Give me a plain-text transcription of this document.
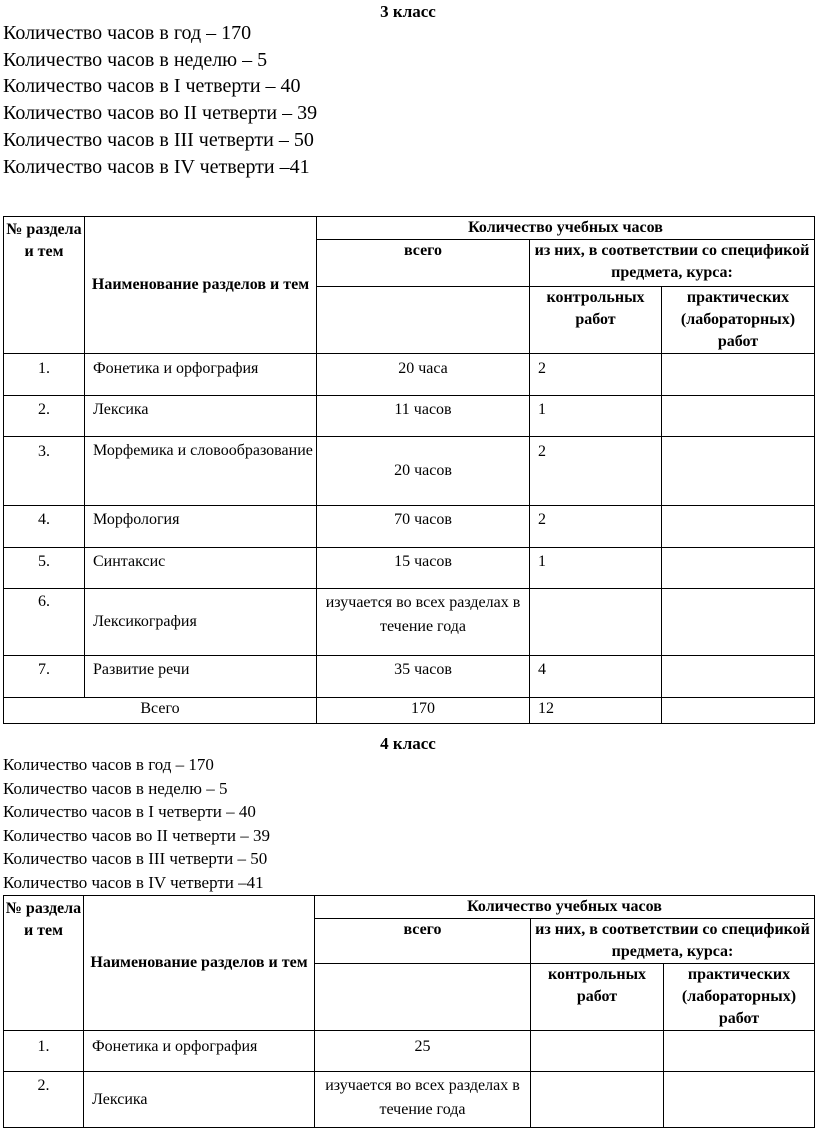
3 класс
Количество часов в год – 170
Количество часов в неделю – 5
Количество часов в I четверти – 40
Количество часов во II четверти – 39
Количество часов в III четверти – 50
Количество часов в IV четверти –41
№ раздела и тем	Наименование разделов и тем	Количество учебных часов		
		всего	из них, в соответствии со спецификой предмета, курса:	
			контрольных работ	практических (лабораторных) работ
1.	Фонетика и орфография	20 часа	2	
2.	Лексика	11 часов	1	
3.	Морфемика и словообразование	20 часов	2	
4.	Морфология	70 часов	2	
5.	Синтаксис	15 часов	1	
6.	Лексикография	изучается во всех разделах в течение года		
7.	Развитие речи	35 часов	4	
Всего		170	12	
4 класс
Количество часов в год – 170
Количество часов в неделю – 5
Количество часов в I четверти – 40
Количество часов во II четверти – 39
Количество часов в III четверти – 50
Количество часов в IV четверти –41
№ раздела и тем	Наименование разделов и тем	Количество учебных часов		
		всего	из них, в соответствии со спецификой предмета, курса:	
			контрольных работ	практических (лабораторных) работ
1.	Фонетика и орфография	25		
2.	Лексика	изучается во всех разделах в течение года		
